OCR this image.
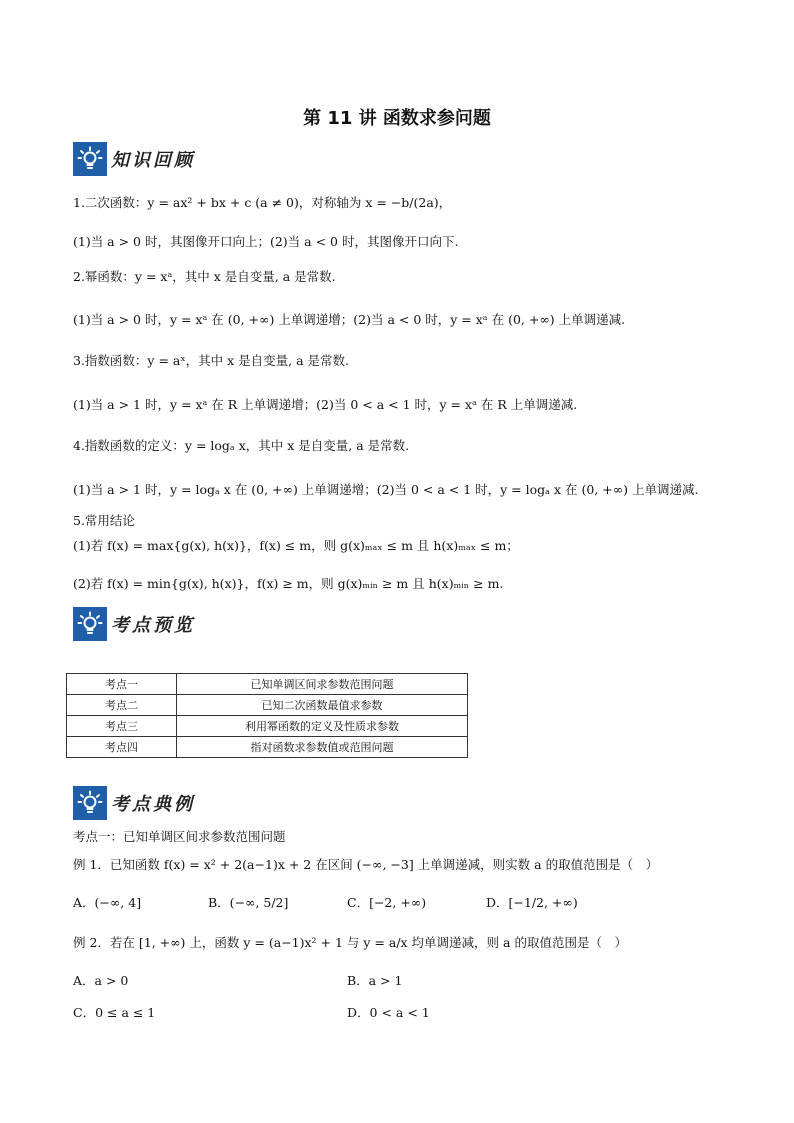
第 11 讲 函数求参问题
知识回顾
1.二次函数：y = ax² + bx + c (a ≠ 0)，对称轴为 x = −b/(2a)，
(1)当 a > 0 时，其图像开口向上；(2)当 a < 0 时，其图像开口向下.
2.幂函数：y = xᵃ，其中 x 是自变量, a 是常数.
(1)当 a > 0 时，y = xᵃ 在 (0, +∞) 上单调递增；(2)当 a < 0 时，y = xᵃ 在 (0, +∞) 上单调递减.
3.指数函数：y = aˣ，其中 x 是自变量, a 是常数.
(1)当 a > 1 时，y = xᵃ 在 R 上单调递增；(2)当 0 < a < 1 时，y = xᵃ 在 R 上单调递减.
4.指数函数的定义：y = logₐ x，其中 x 是自变量, a 是常数.
(1)当 a > 1 时，y = logₐ x 在 (0, +∞) 上单调递增；(2)当 0 < a < 1 时，y = logₐ x 在 (0, +∞) 上单调递减.
5.常用结论
(1)若 f(x) = max{g(x), h(x)}，f(x) ≤ m，则 g(x)ₘₐₓ ≤ m 且 h(x)ₘₐₓ ≤ m；
(2)若 f(x) = min{g(x), h(x)}，f(x) ≥ m，则 g(x)ₘᵢₙ ≥ m 且 h(x)ₘᵢₙ ≥ m.
考点预览
考点一	已知单调区间求参数范围问题
考点二	已知二次函数最值求参数
考点三	利用幂函数的定义及性质求参数
考点四	指对函数求参数值或范围问题
考点典例
考点一：已知单调区间求参数范围问题
例 1．已知函数 f(x) = x² + 2(a−1)x + 2 在区间 (−∞, −3] 上单调递减，则实数 a 的取值范围是（　）
A．(−∞, 4]	B．(−∞, 5/2]	C．[−2, +∞)	D．[−1/2, +∞)
例 2．若在 [1, +∞) 上，函数 y = (a−1)x² + 1 与 y = a/x 均单调递减，则 a 的取值范围是（　）
A．a > 0	B．a > 1
C．0 ≤ a ≤ 1	D．0 < a < 1
